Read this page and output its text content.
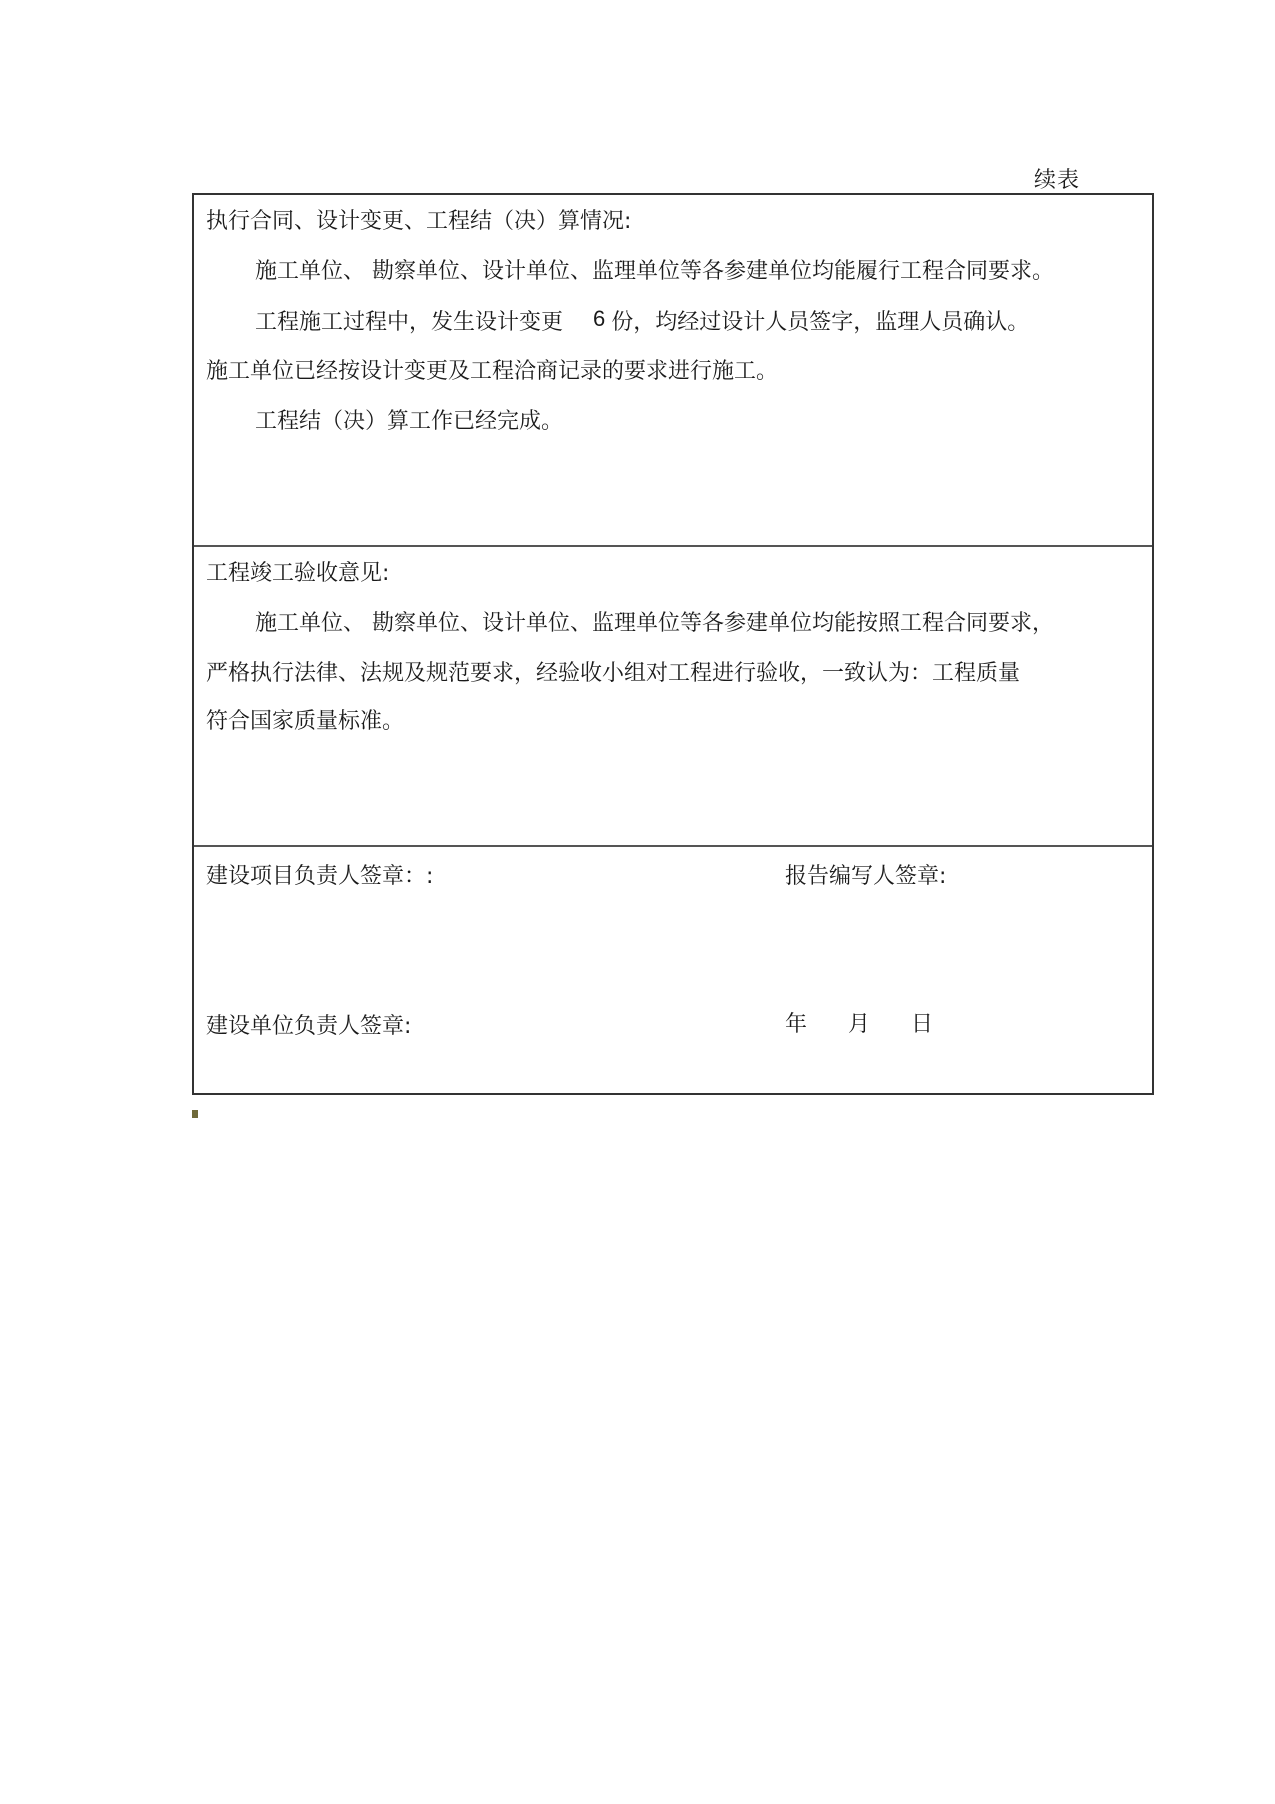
续表
执行合同、设计变更、工程结（决）算情况:
施工单位、 勘察单位、设计单位、监理单位等各参建单位均能履行工程合同要求。
工程施工过程中，发生设计变更 6 份，均经过设计人员签字，监理人员确认。
施工单位已经按设计变更及工程洽商记录的要求进行施工。
工程结（决）算工作已经完成。
工程竣工验收意见:
施工单位、 勘察单位、设计单位、监理单位等各参建单位均能按照工程合同要求，
严格执行法律、法规及规范要求，经验收小组对工程进行验收，一致认为：工程质量
符合国家质量标准。
建设项目负责人签章：:	报告编写人签章:
建设单位负责人签章:	年 月 日
